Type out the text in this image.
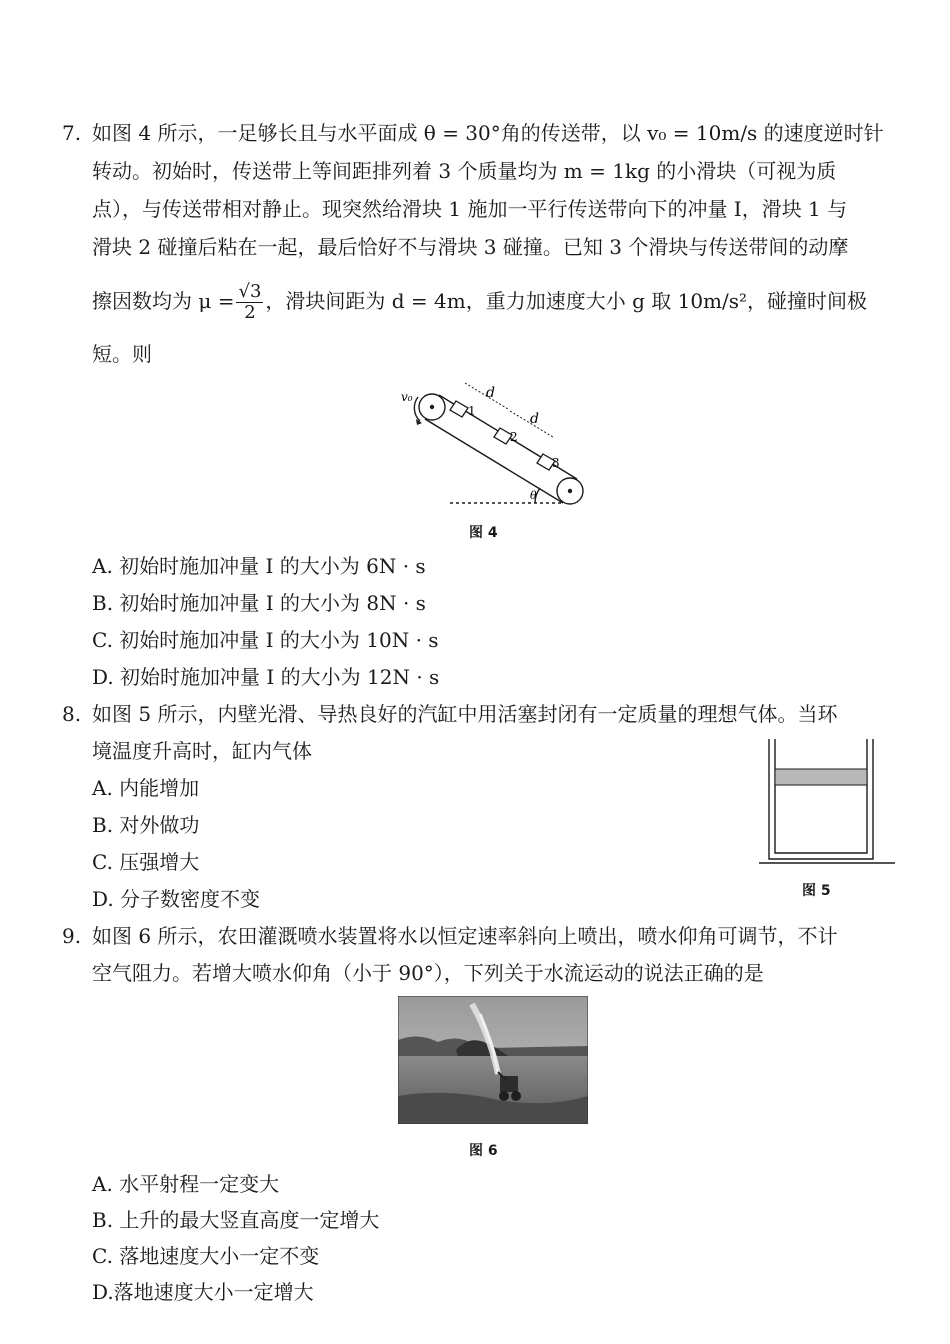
7. 如图 4 所示，一足够长且与水平面成 θ = 30°角的传送带，以 v₀ = 10m/s 的速度逆时针
转动。初始时，传送带上等间距排列着 3 个质量均为 m = 1kg 的小滑块（可视为质
点），与传送带相对静止。现突然给滑块 1 施加一平行传送带向下的冲量 I，滑块 1 与
滑块 2 碰撞后粘在一起，最后恰好不与滑块 3 碰撞。已知 3 个滑块与传送带间的动摩
擦因数均为 $\mu = \frac{√3}{2}$ ，滑块间距为 d = 4m，重力加速度大小 g 取 10m/s²，碰撞时间极
短。则
v₀	d
d
1
2
3
θ
图 4
A. 初始时施加冲量 I 的大小为 6N · s
B. 初始时施加冲量 I 的大小为 8N · s
C. 初始时施加冲量 I 的大小为 10N · s
D. 初始时施加冲量 I 的大小为 12N · s
8. 如图 5 所示，内壁光滑、导热良好的汽缸中用活塞封闭有一定质量的理想气体。当环
境温度升高时，缸内气体
A. 内能增加
B. 对外做功
C. 压强增大
D. 分子数密度不变	图 5
9. 如图 6 所示，农田灌溉喷水装置将水以恒定速率斜向上喷出，喷水仰角可调节，不计
空气阻力。若增大喷水仰角（小于 90°），下列关于水流运动的说法正确的是
图 6
A. 水平射程一定变大
B. 上升的最大竖直高度一定增大
C. 落地速度大小一定不变
D.落地速度大小一定增大
